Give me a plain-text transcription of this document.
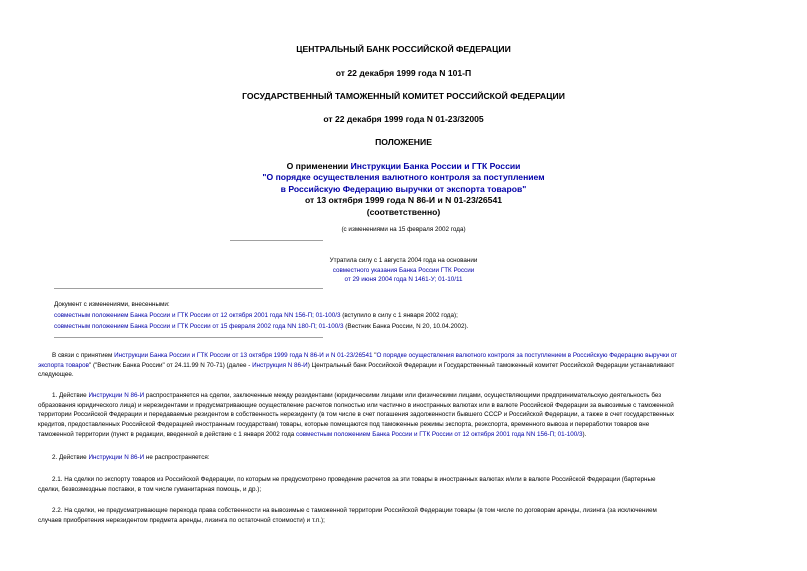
ЦЕНТРАЛЬНЫЙ БАНК РОССИЙСКОЙ ФЕДЕРАЦИИ
от 22 декабря 1999 года N 101-П
ГОСУДАРСТВЕННЫЙ ТАМОЖЕННЫЙ КОМИТЕТ РОССИЙСКОЙ ФЕДЕРАЦИИ
от 22 декабря 1999 года N 01-23/32005
ПОЛОЖЕНИЕ
О применении Инструкции Банка России и ГТК России
"О порядке осуществления валютного контроля за поступлением
в Российскую Федерацию выручки от экспорта товаров"
от 13 октября 1999 года N 86-И и N 01-23/26541
(соответственно)
(с изменениями на 15 февраля 2002 года)
Утратила силу с 1 августа 2004 года на основании
совместного указания Банка России ГТК России
от 29 июня 2004 года N 1461-У; 01-10/11
Документ с изменениями, внесенными:
совместным положением Банка России и ГТК России от 12 октября 2001 года NN 156-П; 01-100/3 (вступило в силу с 1 января 2002 года);
совместным положением Банка России и ГТК России от 15 февраля 2002 года NN 180-П; 01-100/3 (Вестник Банка России, N 20, 10.04.2002).
В связи с принятием Инструкции Банка России и ГТК России от 13 октября 1999 года N 86-И и N 01-23/26541 "О порядке осуществления валютного контроля за поступлением в Российскую Федерацию выручки от
экспорта товаров" ("Вестник Банка России" от 24.11.99 N 70-71) (далее - Инструкция N 86-И) Центральный банк Российской Федерации и Государственный таможенный комитет Российской Федерации устанавливают
следующее.
1. Действие Инструкции N 86-И распространяется на сделки, заключенные между резидентами (юридическими лицами или физическими лицами, осуществляющими предпринимательскую деятельность без
образования юридического лица) и нерезидентами и предусматривающие осуществление расчетов полностью или частично в иностранных валютах или в валюте Российской Федерации за вывозимые с таможенной
территории Российской Федерации и передаваемые резидентом в собственность нерезиденту (в том числе в счет погашения задолженности бывшего СССР и Российской Федерации, а также в счет государственных
кредитов, предоставленных Российской Федерацией иностранным государствам) товары, которые помещаются под таможенные режимы экспорта, реэкспорта, временного вывоза и переработки товаров вне
таможенной территории (пункт в редакции, введенной в действие с 1 января 2002 года совместным положением Банка России и ГТК России от 12 октября 2001 года NN 156-П; 01-100/3).
2. Действие Инструкции N 86-И не распространяется:
2.1. На сделки по экспорту товаров из Российской Федерации, по которым не предусмотрено проведение расчетов за эти товары в иностранных валютах и/или в валюте Российской Федерации (бартерные
сделки, безвозмездные поставки, в том числе гуманитарная помощь, и др.);
2.2. На сделки, не предусматривающие перехода права собственности на вывозимые с таможенной территории Российской Федерации товары (в том числе по договорам аренды, лизинга (за исключением
случаев приобретения нерезидентом предмета аренды, лизинга по остаточной стоимости) и т.п.);
